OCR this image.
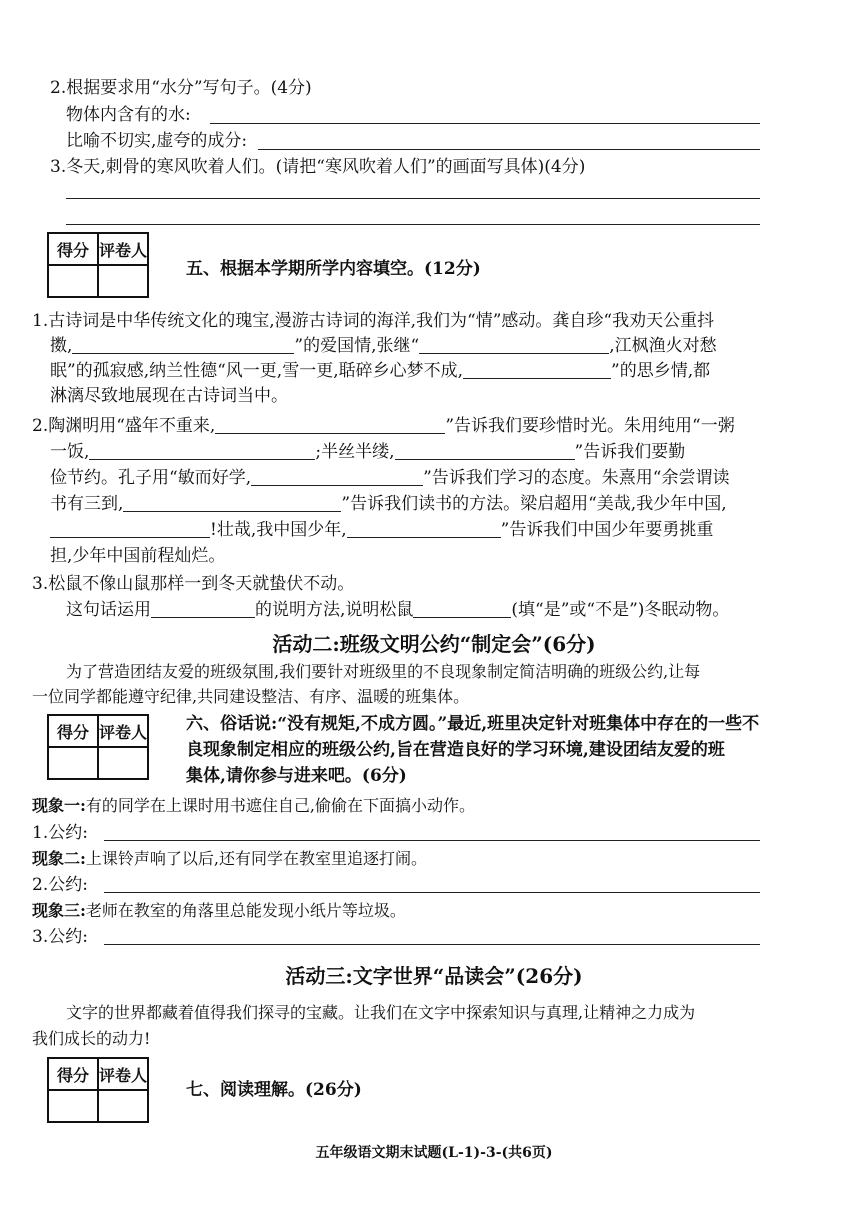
2.根据要求用“水分”写句子。(4分)
物体内含有的水:
比喻不切实,虚夸的成分:
3.冬天,刺骨的寒风吹着人们。(请把“寒风吹着人们”的画面写具体)(4分)
得分	评卷人

五、根据本学期所学内容填空。(12分)
1.古诗词是中华传统文化的瑰宝,漫游古诗词的海洋,我们为“情”感动。龚自珍“我劝天公重抖
擞,	”的爱国情,张继“	,江枫渔火对愁
眠”的孤寂感,纳兰性德“风一更,雪一更,聒碎乡心梦不成,	”的思乡情,都
淋漓尽致地展现在古诗词当中。
2.陶渊明用“盛年不重来,	”告诉我们要珍惜时光。朱用纯用“一粥
一饭,	;半丝半缕,	”告诉我们要勤
俭节约。孔子用“敏而好学,	”告诉我们学习的态度。朱熹用“余尝谓读
书有三到,	”告诉我们读书的方法。梁启超用“美哉,我少年中国,
!壮哉,我中国少年,	”告诉我们中国少年要勇挑重
担,少年中国前程灿烂。
3.松鼠不像山鼠那样一到冬天就蛰伏不动。
这句话运用	的说明方法,说明松鼠	(填“是”或“不是”)冬眠动物。
活动二:班级文明公约“制定会”(6分)
为了营造团结友爱的班级氛围,我们要针对班级里的不良现象制定简洁明确的班级公约,让每
一位同学都能遵守纪律,共同建设整洁、有序、温暖的班集体。
得分	评卷人
	六、俗话说:“没有规矩,不成方圆。”最近,班里决定针对班集体中存在的一些不
良现象制定相应的班级公约,旨在营造良好的学习环境,建设团结友爱的班
集体,请你参与进来吧。(6分)
现象一:有的同学在上课时用书遮住自己,偷偷在下面搞小动作。
1.公约:
现象二:上课铃声响了以后,还有同学在教室里追逐打闹。
2.公约:
现象三:老师在教室的角落里总能发现小纸片等垃圾。
3.公约:
活动三:文字世界“品读会”(26分)
文字的世界都藏着值得我们探寻的宝藏。让我们在文字中探索知识与真理,让精神之力成为
我们成长的动力!
得分	评卷人

七、阅读理解。(26分)
五年级语文期末试题(L-1)-3-(共6页)
